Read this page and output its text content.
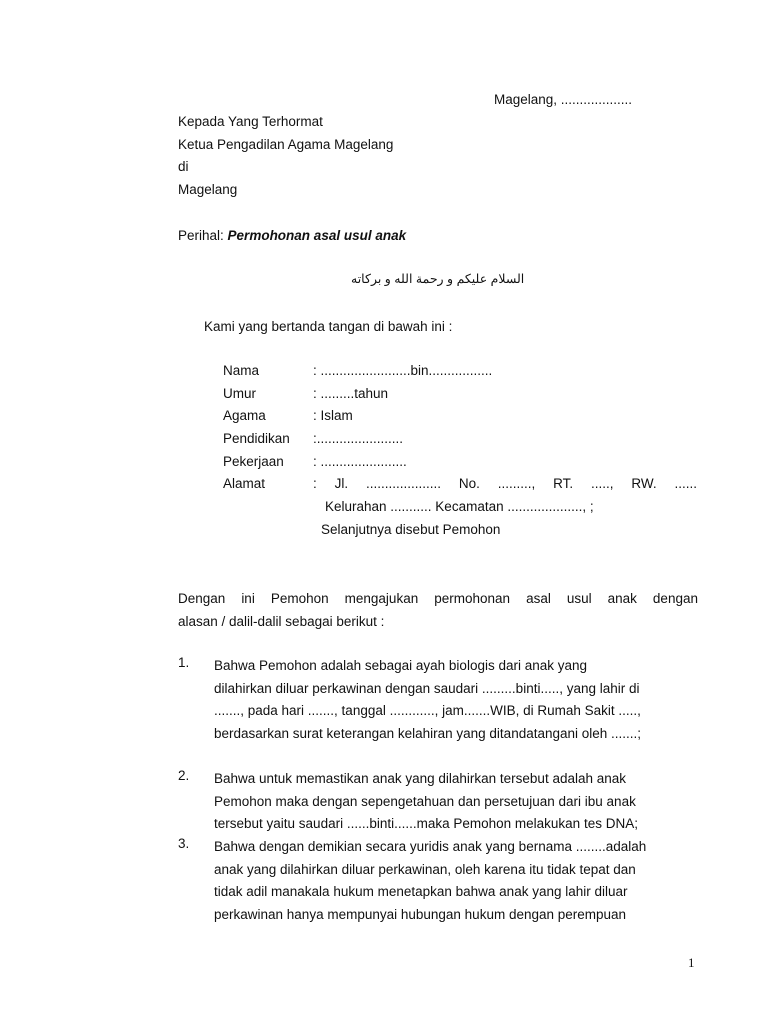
Magelang, ...................
Kepada Yang Terhormat
Ketua Pengadilan Agama Magelang
di
Magelang
Perihal: Permohonan asal usul anak
السلام عليكم و رحمة الله و بركاته
Kami yang bertanda tangan di bawah ini :
Nama	: ........................bin.................
Umur	: .........tahun
Agama	: Islam
Pendidikan :.......................
Pekerjaan : .......................
Alamat	: Jl. .................... No. ........., RT. ....., RW. ......
Kelurahan ........... Kecamatan ...................., ;
Selanjutnya disebut Pemohon
Dengan ini Pemohon mengajukan permohonan asal usul anak dengan
alasan / dalil-dalil sebagai berikut :
1. Bahwa Pemohon adalah sebagai ayah biologis dari anak yang
dilahirkan diluar perkawinan dengan saudari .........binti....., yang lahir di
......., pada hari ......., tanggal ............, jam.......WIB, di Rumah Sakit .....,
berdasarkan surat keterangan kelahiran yang ditandatangani oleh .......;
2. Bahwa untuk memastikan anak yang dilahirkan tersebut adalah anak
Pemohon maka dengan sepengetahuan dan persetujuan dari ibu anak
tersebut yaitu saudari ......binti......maka Pemohon melakukan tes DNA;
3. Bahwa dengan demikian secara yuridis anak yang bernama ........adalah
anak yang dilahirkan diluar perkawinan, oleh karena itu tidak tepat dan
tidak adil manakala hukum menetapkan bahwa anak yang lahir diluar
perkawinan hanya mempunyai hubungan hukum dengan perempuan
1
